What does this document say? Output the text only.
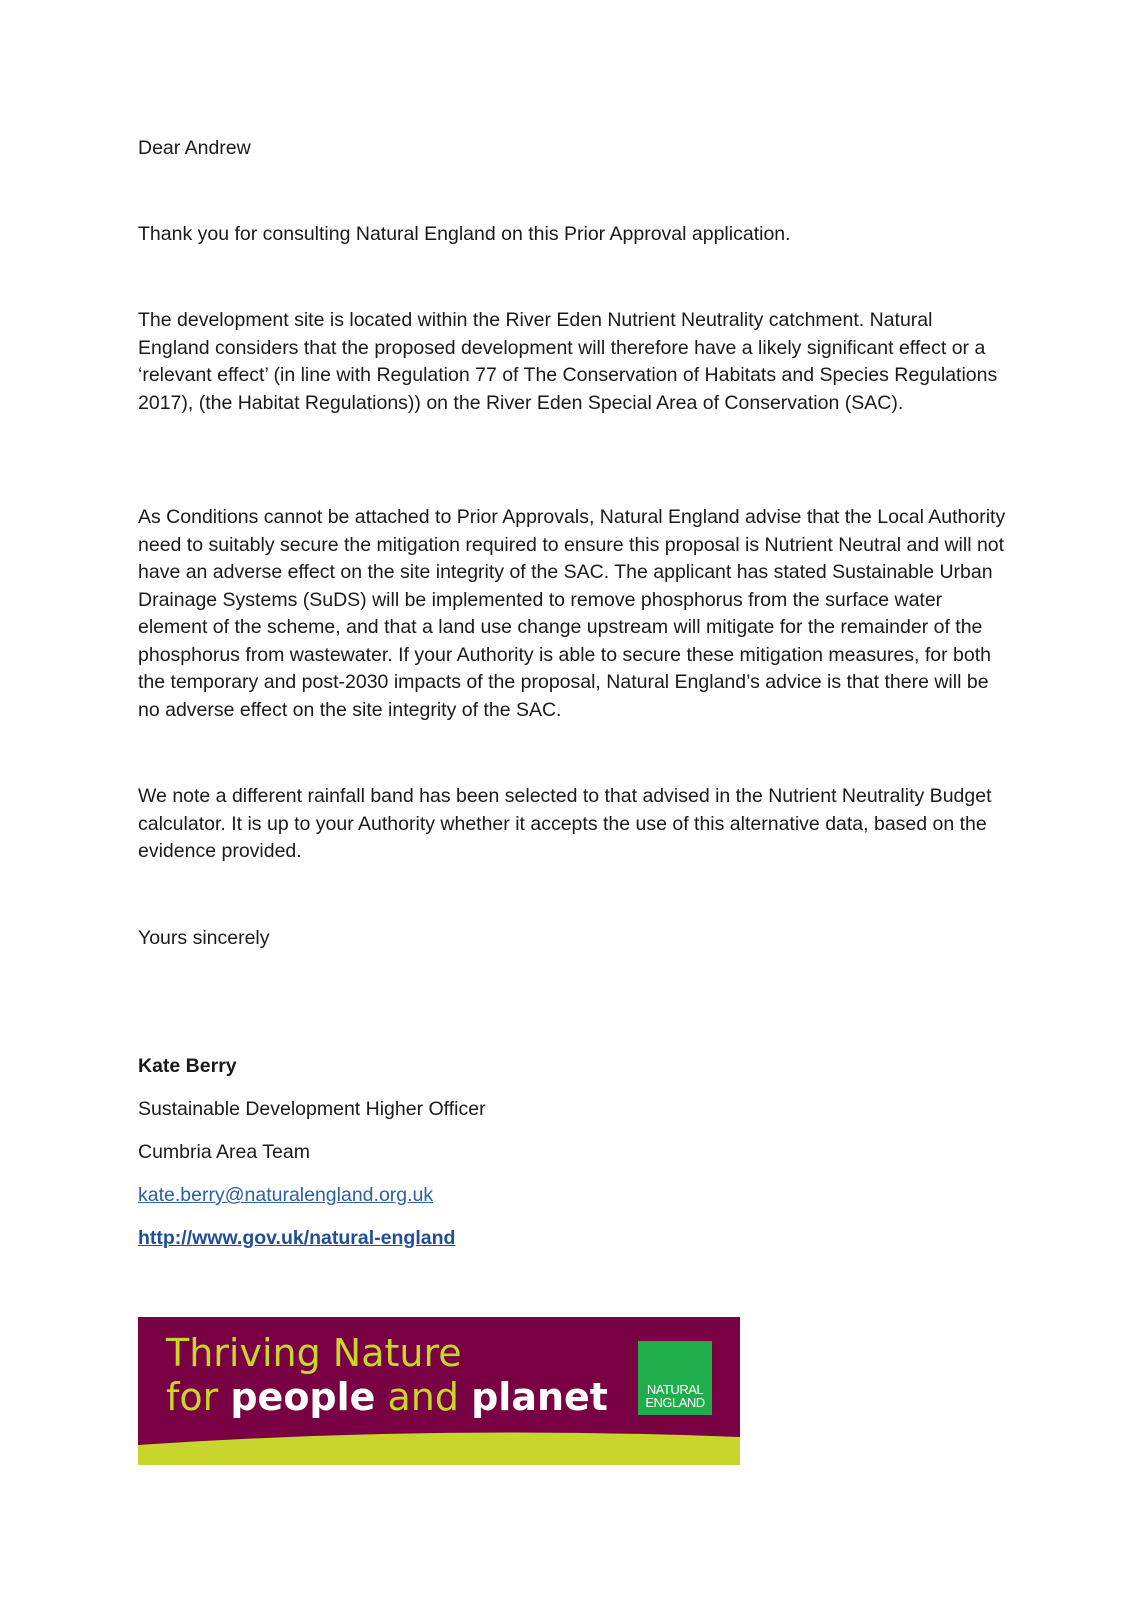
Dear Andrew

Thank you for consulting Natural England on this Prior Approval application.

The development site is located within the River Eden Nutrient Neutrality catchment. Natural England considers that the proposed development will therefore have a likely significant effect or a ‘relevant effect’ (in line with Regulation 77 of The Conservation of Habitats and Species Regulations 2017), (the Habitat Regulations)) on the River Eden Special Area of Conservation (SAC).

As Conditions cannot be attached to Prior Approvals, Natural England advise that the Local Authority need to suitably secure the mitigation required to ensure this proposal is Nutrient Neutral and will not have an adverse effect on the site integrity of the SAC. The applicant has stated Sustainable Urban Drainage Systems (SuDS) will be implemented to remove phosphorus from the surface water element of the scheme, and that a land use change upstream will mitigate for the remainder of the phosphorus from wastewater. If your Authority is able to secure these mitigation measures, for both the temporary and post-2030 impacts of the proposal, Natural England’s advice is that there will be no adverse effect on the site integrity of the SAC.

We note a different rainfall band has been selected to that advised in the Nutrient Neutrality Budget calculator. It is up to your Authority whether it accepts the use of this alternative data, based on the evidence provided.

Yours sincerely

Kate Berry

Sustainable Development Higher Officer

Cumbria Area Team

kate.berry@naturalengland.org.uk

http://www.gov.uk/natural-england

Thriving Nature
for people and planet	NATURAL
ENGLAND
